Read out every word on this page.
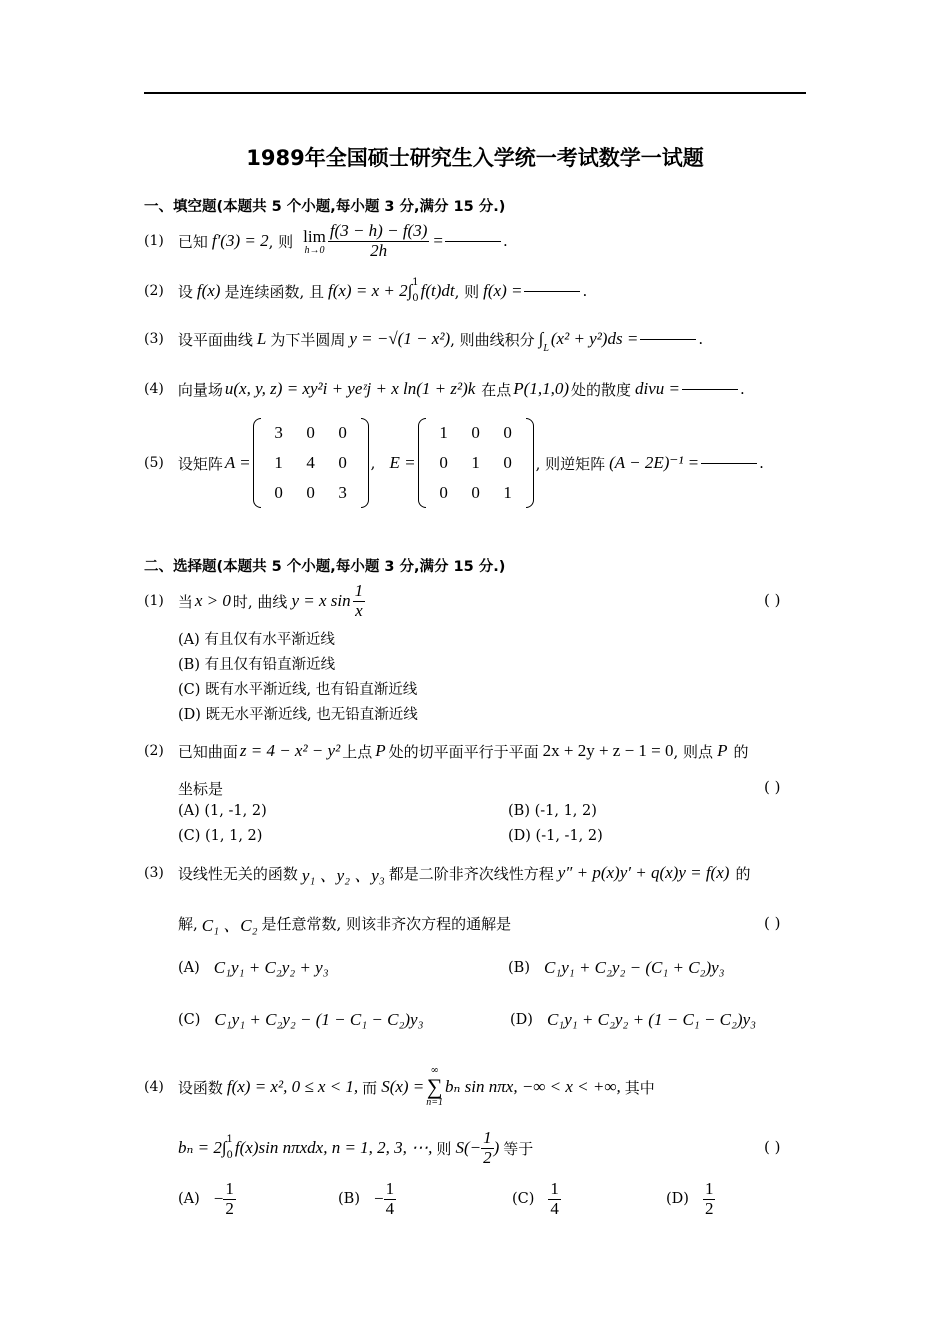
1989年全国硕士研究生入学统一考试数学一试题
一、填空题(本题共 5 个小题,每小题 3 分,满分 15 分.)
(1) 已知 f′(3) = 2 , 则 lim
$h\to 0 \frac{f(3 - h) - f(3)}{2h}$ =	.
(2) 设 f(x) 是连续函数, 且 f(x) = x + 2∫ 1
0 f(t)dt , 则 f(x) =	.
(3) 设平面曲线 L 为下半圆周 y = −√(1 − x²) , 则曲线积分 ∫
L
(x² + y²)ds =	.
(4) 向量场 u(x, y, z) = xy²i + yeᶻj + x ln(1 + z²)k 在点 P(1,1,0) 处的散度 divu =	.
(5) 设矩阵 A =
3	0	0
1	4	0
0	0	3
, E =
1	0	0
0	1	0
0	0	1
, 则逆矩阵 (A − 2E)⁻¹ =	.
二、选择题(本题共 5 个小题,每小题 3 分,满分 15 分.)
(1) 当 x > 0 时, 曲线 y = x $\sin \frac{1}{x}$	( )
(A) 有且仅有水平渐近线
(B) 有且仅有铅直渐近线
(C) 既有水平渐近线, 也有铅直渐近线
(D) 既无水平渐近线, 也无铅直渐近线
(2) 已知曲面 z = 4 − x² − y² 上点 P 处的切平面平行于平面 2x + 2y + z − 1 = 0 , 则点 P 的
坐标是	( )
(A) (1, -1, 2)	(B) (-1, 1, 2)
(C) (1, 1, 2)	(D) (-1, -1, 2)
(3) 设线性无关的函数 y₁ 、y₂ 、y₃ 都是二阶非齐次线性方程 y″ + p(x)y′ + q(x)y = f(x) 的
解, C₁ 、C₂ 是任意常数, 则该非齐次方程的通解是	( )
(A) C₁y₁ + C₂y₂ + y₃	(B) C₁y₁ + C₂y₂ − (C₁ + C₂)y₃
(C) C₁y₁ + C₂y₂ − (1 − C₁ − C₂)y₃	(D) C₁y₁ + C₂y₂ + (1 − C₁ − C₂)y₃
(4) 设函数 f(x) = x², 0 ≤ x < 1, 而 S(x) =
∞
∑
n=1
bₙ sin nπx, −∞ < x < +∞, 其中
bₙ = 2∫ 1
0 f(x)sin nπxdx, n = 1, 2, 3, ⋯, 则 $S(- \frac{1}{2}$ ) 等于	( )
$(A) - \frac{1}{2}$	$(B) - \frac{1}{4}$	$(C) \frac{1}{4}$	$(D) \frac{1}{2}$
